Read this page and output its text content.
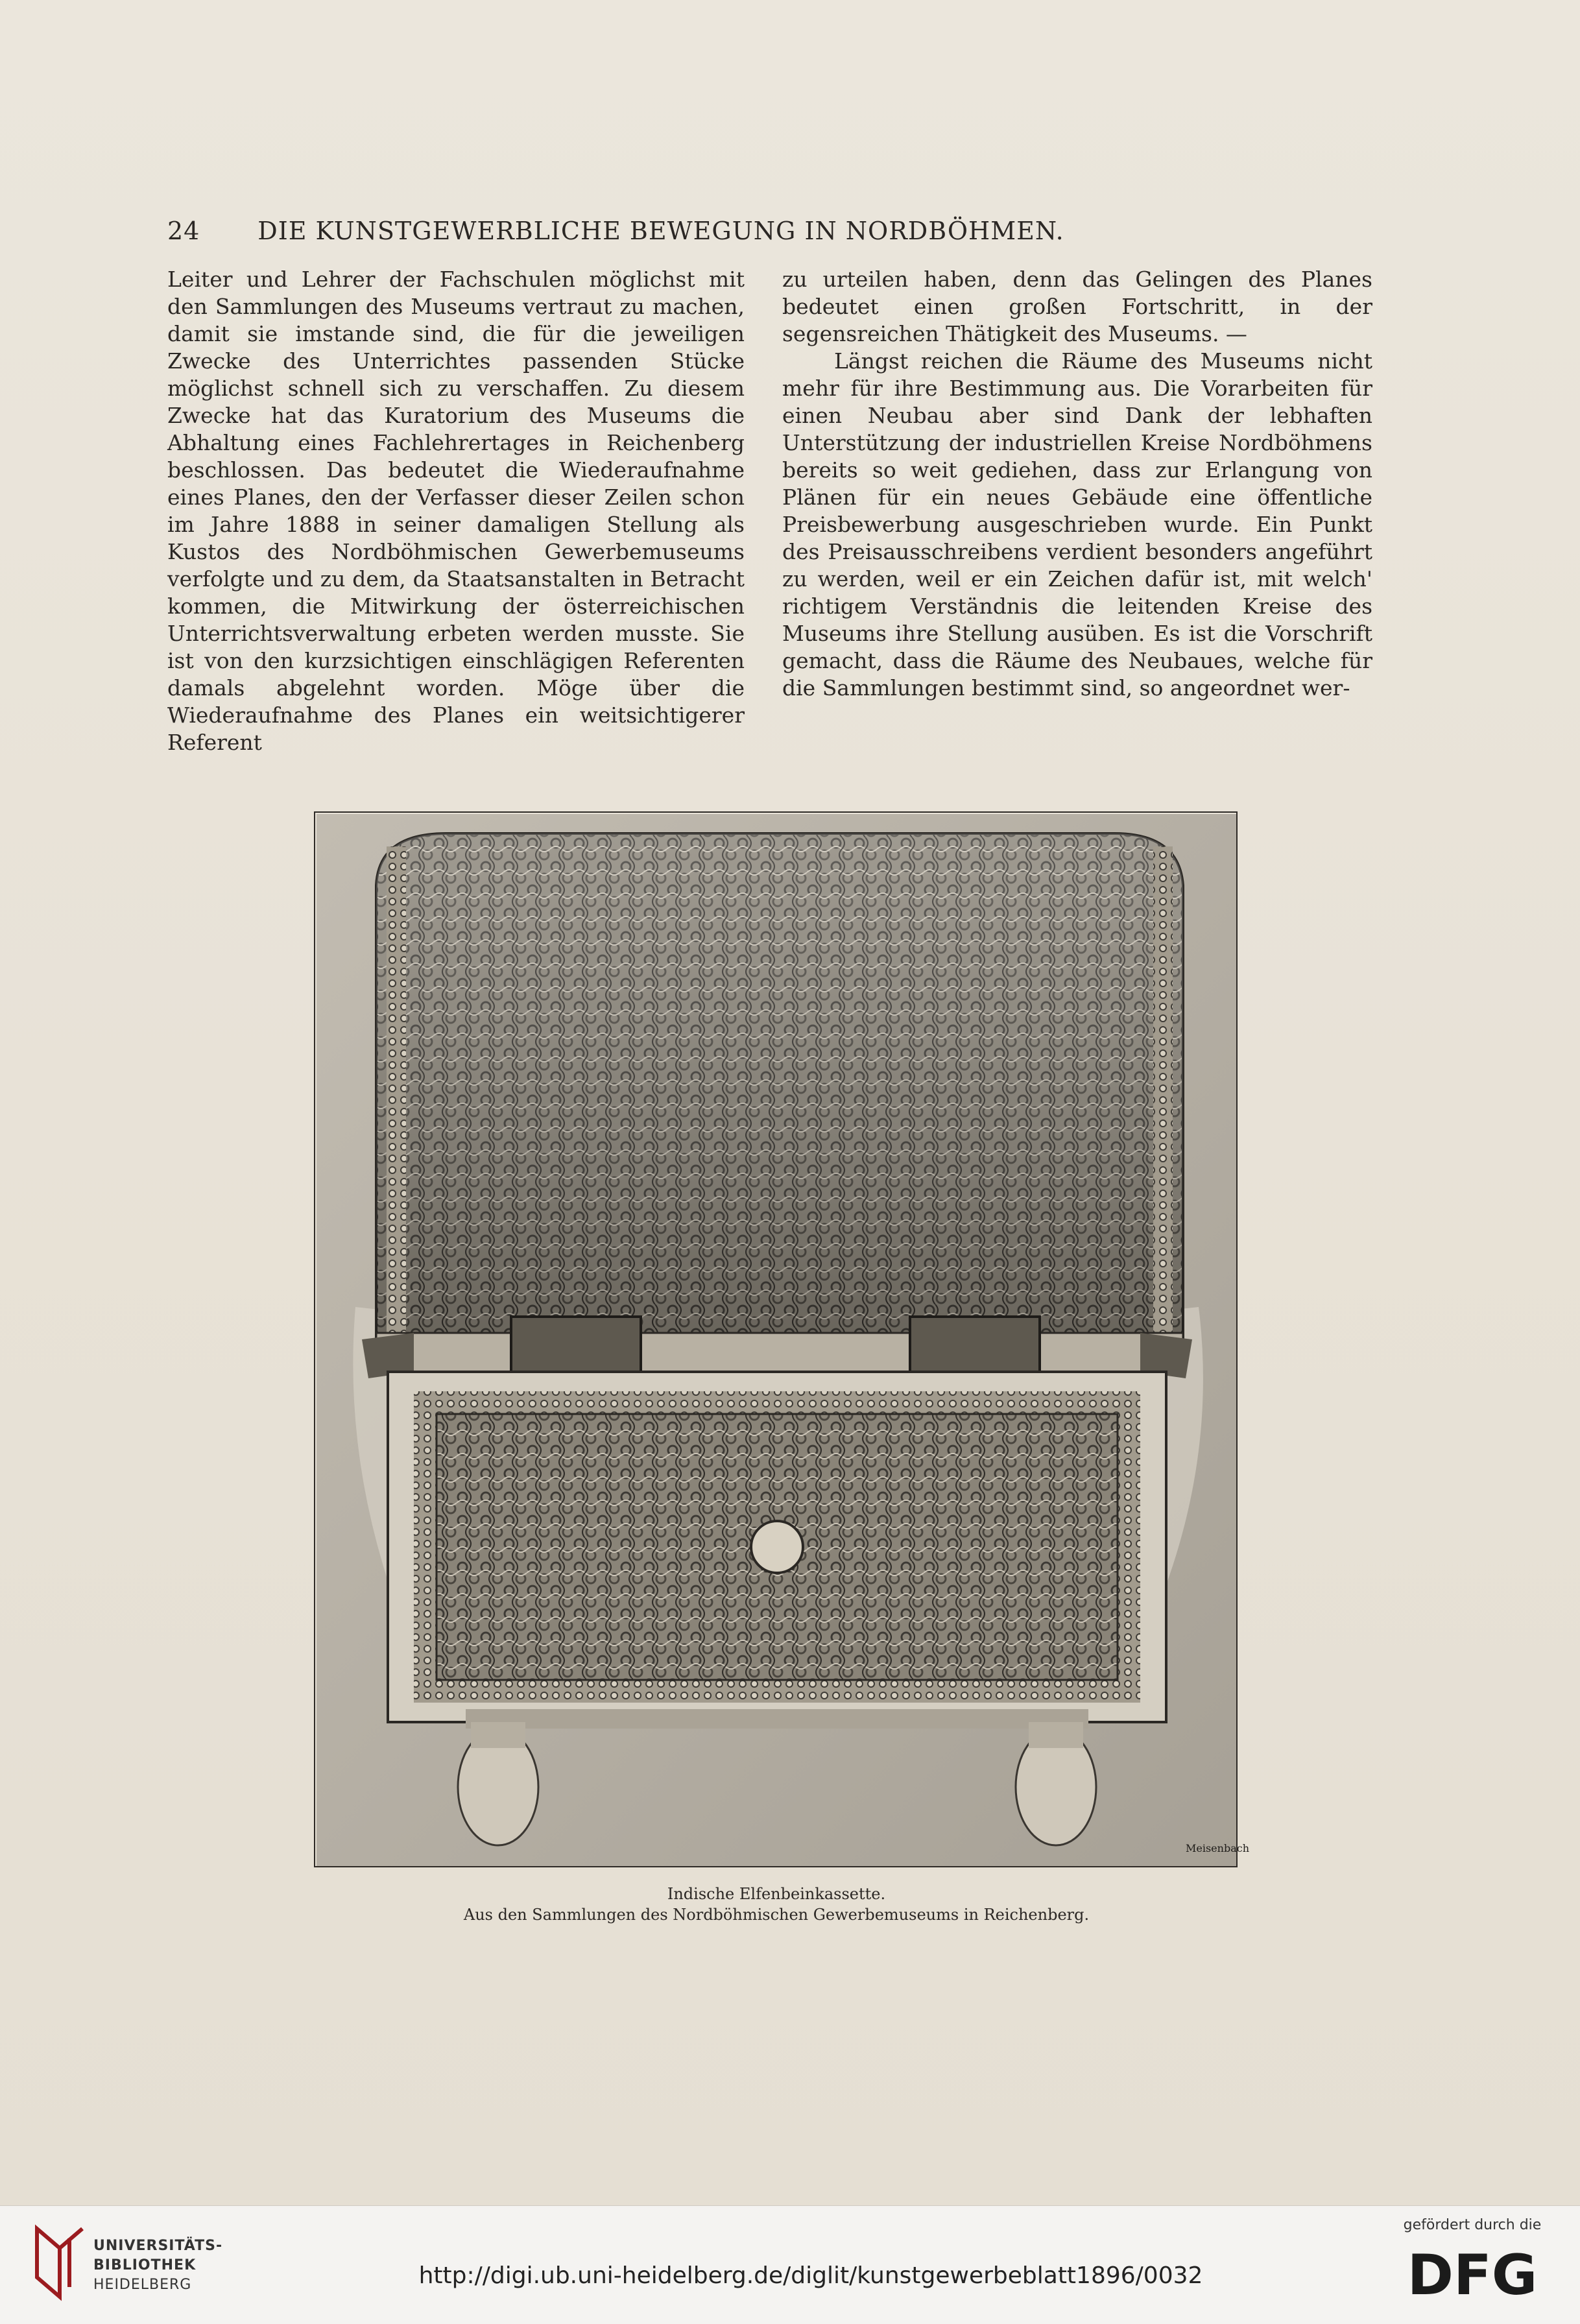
24	DIE KUNSTGEWERBLICHE BEWEGUNG IN NORDBÖHMEN.

Leiter und Lehrer der Fachschulen möglichst mit den Sammlungen des Museums vertraut zu machen, damit sie imstande sind, die für die jeweiligen Zwecke des Unterrichtes passenden Stücke möglichst schnell sich zu verschaffen. Zu diesem Zwecke hat das Kuratorium des Museums die Abhaltung eines Fachlehrertages in Reichenberg beschlossen. Das bedeutet die Wiederaufnahme eines Planes, den der Verfasser dieser Zeilen schon im Jahre 1888 in seiner damaligen Stellung als Kustos des Nordböhmischen Gewerbemuseums verfolgte und zu dem, da Staatsanstalten in Betracht kommen, die Mitwirkung der österreichischen Unterrichtsverwaltung erbeten werden musste. Sie ist von den kurzsichtigen einschlägigen Referenten damals abgelehnt worden. Möge über die Wiederaufnahme des Planes ein weitsichtigerer Referent

zu urteilen haben, denn das Gelingen des Planes bedeutet einen großen Fortschritt, in der segensreichen Thätigkeit des Museums. —

Längst reichen die Räume des Museums nicht mehr für ihre Bestimmung aus. Die Vorarbeiten für einen Neubau aber sind Dank der lebhaften Unterstützung der industriellen Kreise Nordböhmens bereits so weit gediehen, dass zur Erlangung von Plänen für ein neues Gebäude eine öffentliche Preisbewerbung ausgeschrieben wurde. Ein Punkt des Preisausschreibens verdient besonders angeführt zu werden, weil er ein Zeichen dafür ist, mit welch' richtigem Verständnis die leitenden Kreise des Museums ihre Stellung ausüben. Es ist die Vorschrift gemacht, dass die Räume des Neubaues, welche für die Sammlungen bestimmt sind, so angeordnet wer-

Meisenbach
Indische Elfenbeinkassette.
Aus den Sammlungen des Nordböhmischen Gewerbemuseums in Reichenberg.
UNIVERSITÄTS-
BIBLIOTHEK
HEIDELBERG	http://digi.ub.uni-heidelberg.de/diglit/kunstgewerbeblatt1896/0032
gefördert durch die
DFG
